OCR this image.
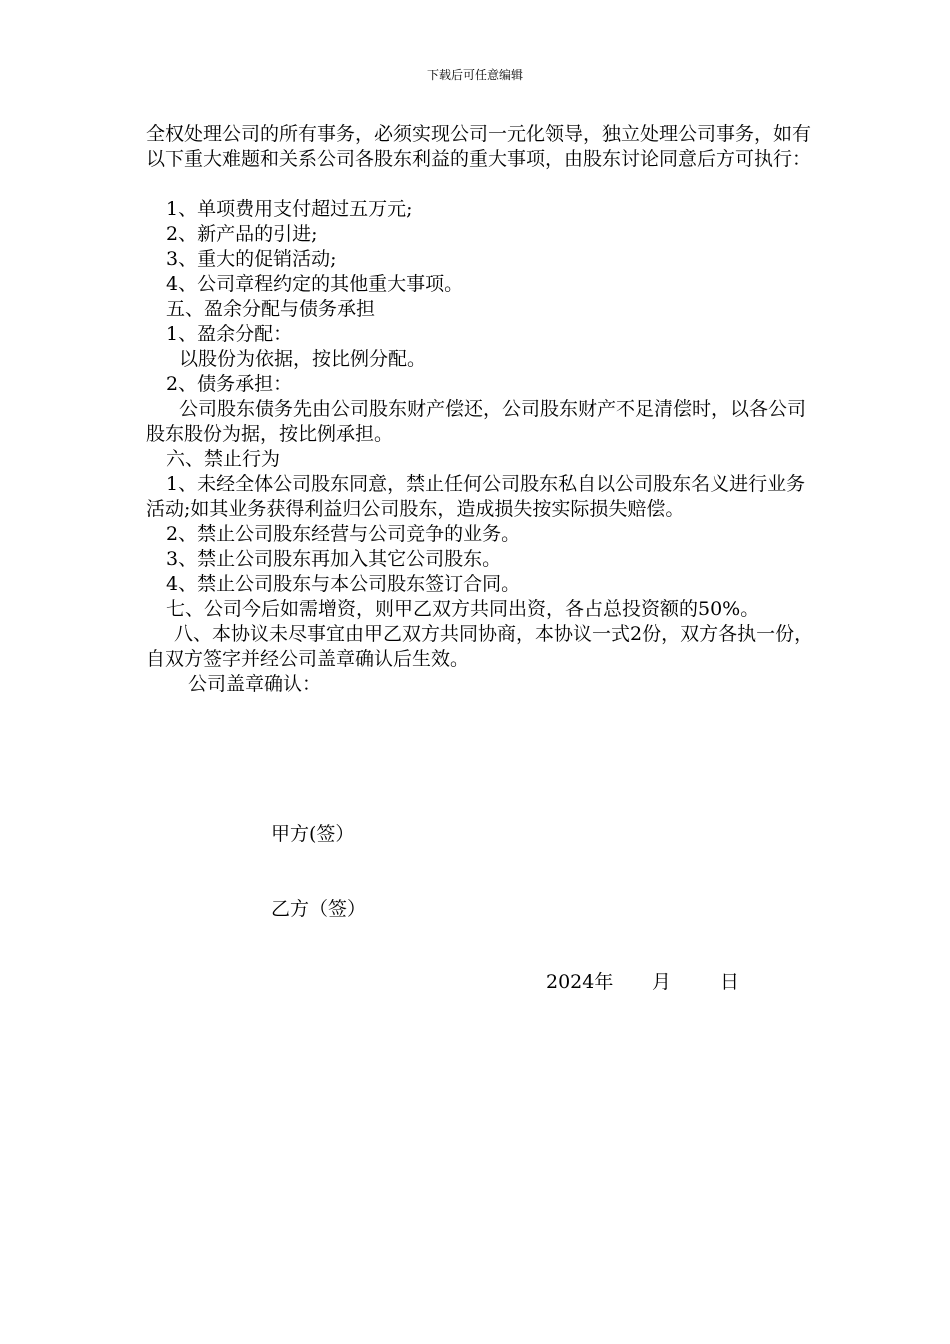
下载后可任意编辑

全权处理公司的所有事务，必须实现公司一元化领导，独立处理公司事务，如有以下重大难题和关系公司各股东利益的重大事项，由股东讨论同意后方可执行：

1、单项费用支付超过五万元;

2、新产品的引进;

3、重大的促销活动;

4、公司章程约定的其他重大事项。

五、盈余分配与债务承担

1、盈余分配：

以股份为依据，按比例分配。

2、债务承担：

公司股东债务先由公司股东财产偿还，公司股东财产不足清偿时，以各公司股东股份为据，按比例承担。

六、禁止行为

1、未经全体公司股东同意，禁止任何公司股东私自以公司股东名义进行业务活动;如其业务获得利益归公司股东，造成损失按实际损失赔偿。

2、禁止公司股东经营与公司竞争的业务。

3、禁止公司股东再加入其它公司股东。

4、禁止公司股东与本公司股东签订合同。

七、公司今后如需增资，则甲乙双方共同出资，各占总投资额的50%。

八、本协议未尽事宜由甲乙双方共同协商，本协议一式2份，双方各执一份，自双方签字并经公司盖章确认后生效。

公司盖章确认：

甲方(签）
乙方（签）
2024年 月	日
